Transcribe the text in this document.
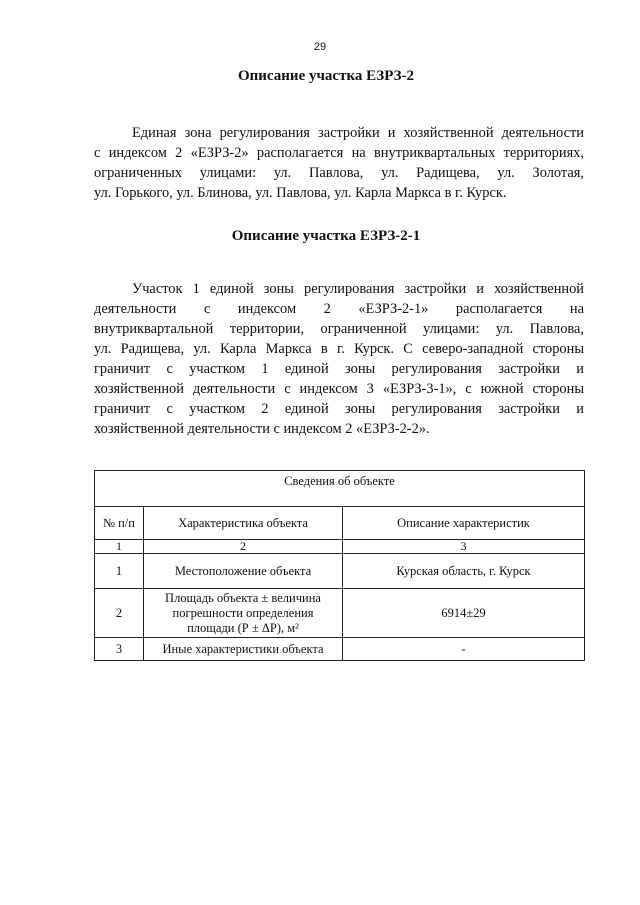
29
Описание участка ЕЗРЗ-2
Единая зона регулирования застройки и хозяйственной деятельности
с индексом 2 «ЕЗРЗ-2» располагается на внутриквартальных территориях,
ограниченных улицами: ул. Павлова, ул. Радищева, ул. Золотая,
ул. Горького, ул. Блинова, ул. Павлова, ул. Карла Маркса в г. Курск.
Описание участка ЕЗРЗ-2-1
Участок 1 единой зоны регулирования застройки и хозяйственной
деятельности с индексом 2 «ЕЗРЗ-2-1» располагается на
внутриквартальной территории, ограниченной улицами: ул. Павлова,
ул. Радищева, ул. Карла Маркса в г. Курск. С северо-западной стороны
граничит с участком 1 единой зоны регулирования застройки и
хозяйственной деятельности с индексом 3 «ЕЗРЗ-3-1», с южной стороны
граничит с участком 2 единой зоны регулирования застройки и
хозяйственной деятельности с индексом 2 «ЕЗРЗ-2-2».
Сведения об объекте		
№ п/п	Характеристика объекта	Описание характеристик
1	2	3
1	Местоположение объекта	Курская область, г. Курск
2	Площадь объекта ± величина
погрешности определения
площади (Р ± ΔР), м²	6914±29
3	Иные характеристики объекта	-
